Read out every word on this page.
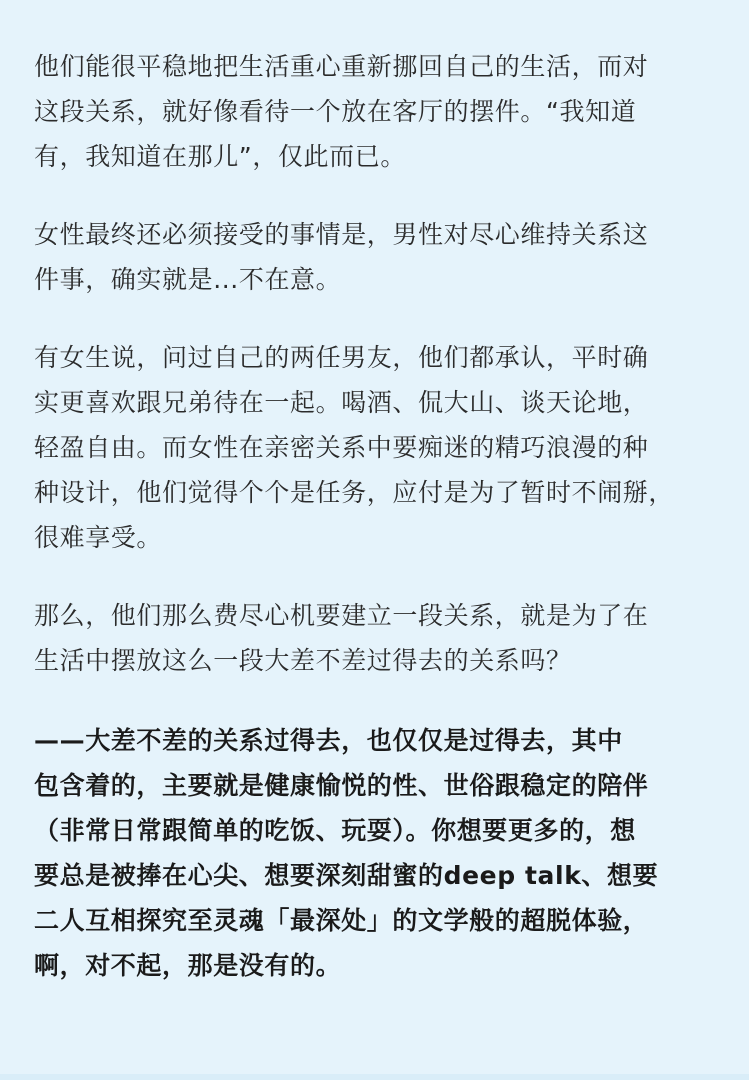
他们能很平稳地把生活重心重新挪回自己的生活，而对
这段关系，就好像看待一个放在客厅的摆件。“我知道
有，我知道在那儿”，仅此而已。

女性最终还必须接受的事情是，男性对尽心维持关系这
件事，确实就是...不在意。

有女生说，问过自己的两任男友，他们都承认，平时确
实更喜欢跟兄弟待在一起。喝酒、侃大山、谈天论地，
轻盈自由。而女性在亲密关系中要痴迷的精巧浪漫的种
种设计，他们觉得个个是任务，应付是为了暂时不闹掰，
很难享受。

那么，他们那么费尽心机要建立一段关系，就是为了在
生活中摆放这么一段大差不差过得去的关系吗？

——大差不差的关系过得去，也仅仅是过得去，其中
包含着的，主要就是健康愉悦的性、世俗跟稳定的陪伴
（非常日常跟简单的吃饭、玩耍）。你想要更多的，想
要总是被捧在心尖、想要深刻甜蜜的deep talk、想要
二人互相探究至灵魂「最深处」的文学般的超脱体验，
啊，对不起，那是没有的。
